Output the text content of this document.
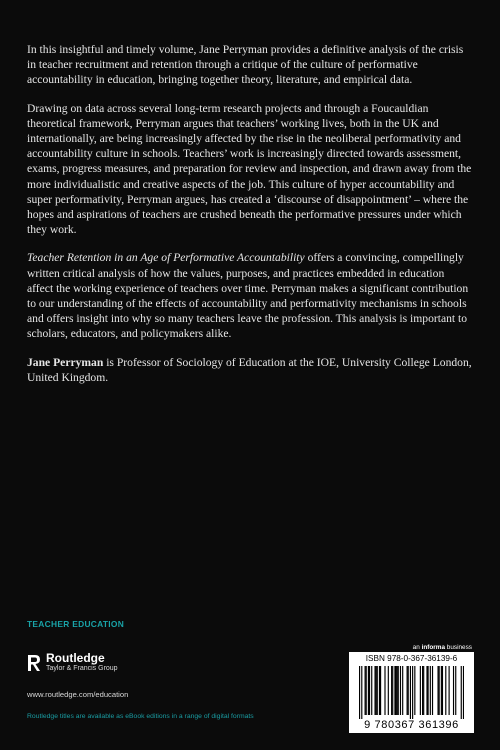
In this insightful and timely volume, Jane Perryman provides a definitive analysis of the crisis in teacher recruitment and retention through a critique of the culture of performative accountability in education, bringing together theory, literature, and empirical data.

Drawing on data across several long-term research projects and through a Foucauldian theoretical framework, Perryman argues that teachers’ working lives, both in the UK and internationally, are being increasingly affected by the rise in the neoliberal performativity and accountability culture in schools. Teachers’ work is increasingly directed towards assessment, exams, progress measures, and preparation for review and inspection, and drawn away from the more individualistic and creative aspects of the job. This culture of hyper accountability and super performativity, Perryman argues, has created a ‘discourse of disappointment’ – where the hopes and aspirations of teachers are crushed beneath the performative pressures under which they work.

Teacher Retention in an Age of Performative Accountability offers a convincing, compellingly written critical analysis of how the values, purposes, and practices embedded in education affect the working experience of teachers over time. Perryman makes a significant contribution to our understanding of the effects of accountability and performativity mechanisms in schools and offers insight into why so many teachers leave the profession. This analysis is important to scholars, educators, and policymakers alike.

Jane Perryman is Professor of Sociology of Education at the IOE, University College London, United Kingdom.

TEACHER EDUCATION
Routledge
Taylor & Francis Group
www.routledge.com/education
Routledge titles are available as eBook editions in a range of digital formats
an informa business
ISBN 978-0-367-36139-6
9 780367 361396
